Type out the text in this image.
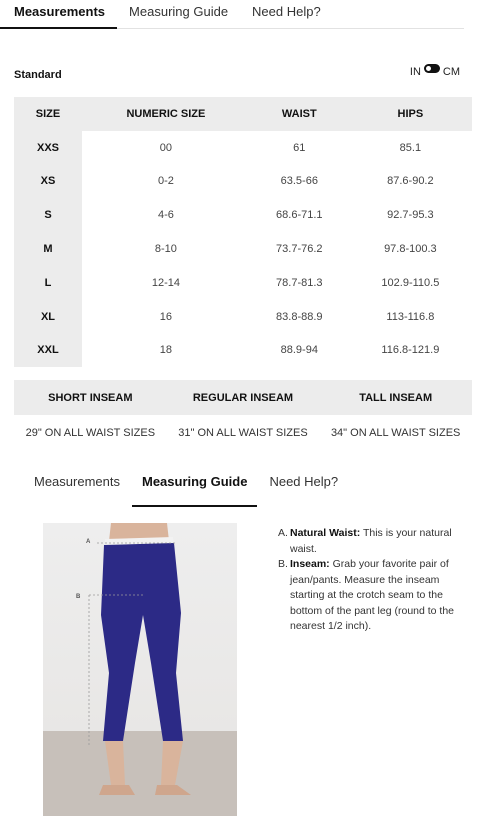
Measurements Measuring Guide Need Help?
Standard	IN CM
SIZE	NUMERIC SIZE	WAIST	HIPS
XXS	00	61	85.1
XS	0-2	63.5-66	87.6-90.2
S	4-6	68.6-71.1	92.7-95.3
M	8-10	73.7-76.2	97.8-100.3
L	12-14	78.7-81.3	102.9-110.5
XL	16	83.8-88.9	113-116.8
XXL	18	88.9-94	116.8-121.9
SHORT INSEAM	REGULAR INSEAM	TALL INSEAM
29" ON ALL WAIST SIZES	31" ON ALL WAIST SIZES	34" ON ALL WAIST SIZES
Measurements Measuring Guide Need Help?
A
B
A. Natural Waist: This is your natural waist.
B. Inseam: Grab your favorite pair of jean/pants. Measure the inseam starting at the crotch seam to the bottom of the pant leg (round to the nearest 1/2 inch).
